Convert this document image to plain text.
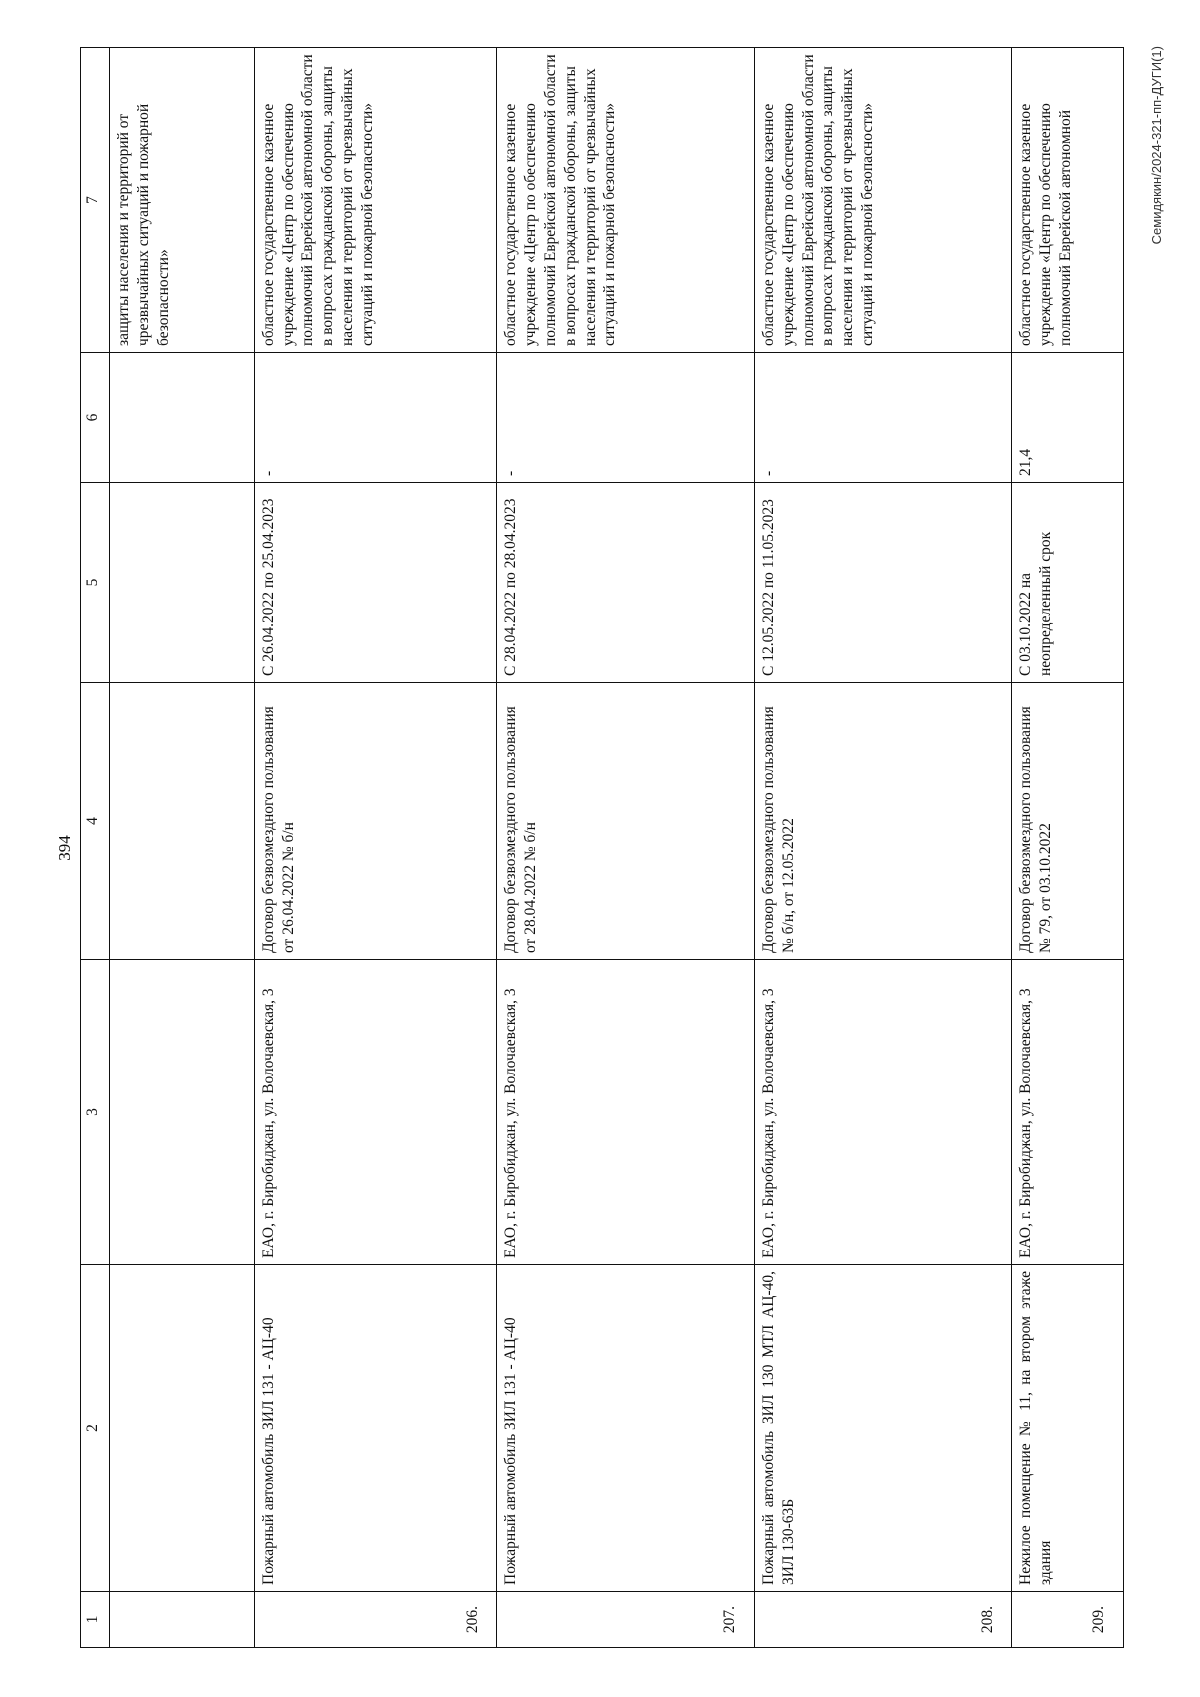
394
1	2	3	4	5	6	7
						защиты населения и территорий от чрезвычайных ситуаций и пожарной безопасности»
206.	Пожарный автомобиль ЗИЛ 131 - АЦ-40	ЕАО, г. Биробиджан, ул. Волочаевская, 3	Договор безвозмездного пользования от 26.04.2022 № б/н	С 26.04.2022 по 25.04.2023	-	областное государственное казенное учреждение «Центр по обеспечению полномочий Еврейской автономной области в вопросах гражданской обороны, защиты населения и территорий от чрезвычайных ситуаций и пожарной безопасности»
207.	Пожарный автомобиль ЗИЛ 131 - АЦ-40	ЕАО, г. Биробиджан, ул. Волочаевская, 3	Договор безвозмездного пользования от 28.04.2022 № б/н	С 28.04.2022 по 28.04.2023	-	областное государственное казенное учреждение «Центр по обеспечению полномочий Еврейской автономной области в вопросах гражданской обороны, защиты населения и территорий от чрезвычайных ситуаций и пожарной безопасности»
208.	Пожарный автомобиль ЗИЛ 130 МТЛ АЦ-40, ЗИЛ 130-63Б	ЕАО, г. Биробиджан, ул. Волочаевская, 3	Договор безвозмездного пользования № б/н, от 12.05.2022	С 12.05.2022 по 11.05.2023	-	областное государственное казенное учреждение «Центр по обеспечению полномочий Еврейской автономной области в вопросах гражданской обороны, защиты населения и территорий от чрезвычайных ситуаций и пожарной безопасности»
209.	Нежилое помещение № 11, на втором этаже здания	ЕАО, г. Биробиджан, ул. Волочаевская, 3	Договор безвозмездного пользования № 79, от 03.10.2022	С 03.10.2022 на неопределенный срок	21,4	областное государственное казенное учреждение «Центр по обеспечению полномочий Еврейской автономной	Семидякин/2024-321-пп-ДУГИ(1)
